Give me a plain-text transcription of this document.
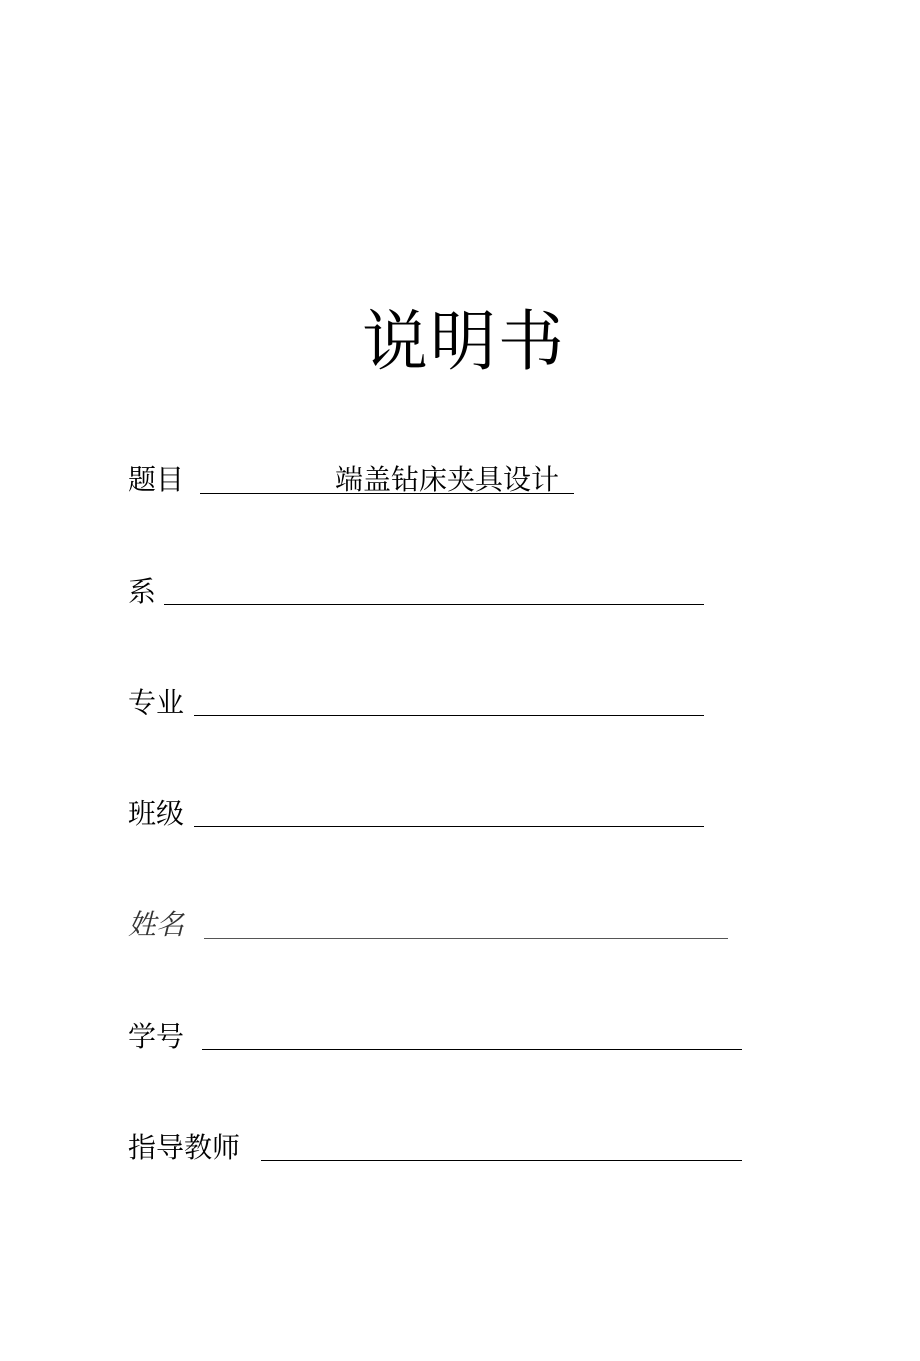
说明书
题目	端盖钻床夹具设计
系
专业
班级
姓名
学号
指导教师
